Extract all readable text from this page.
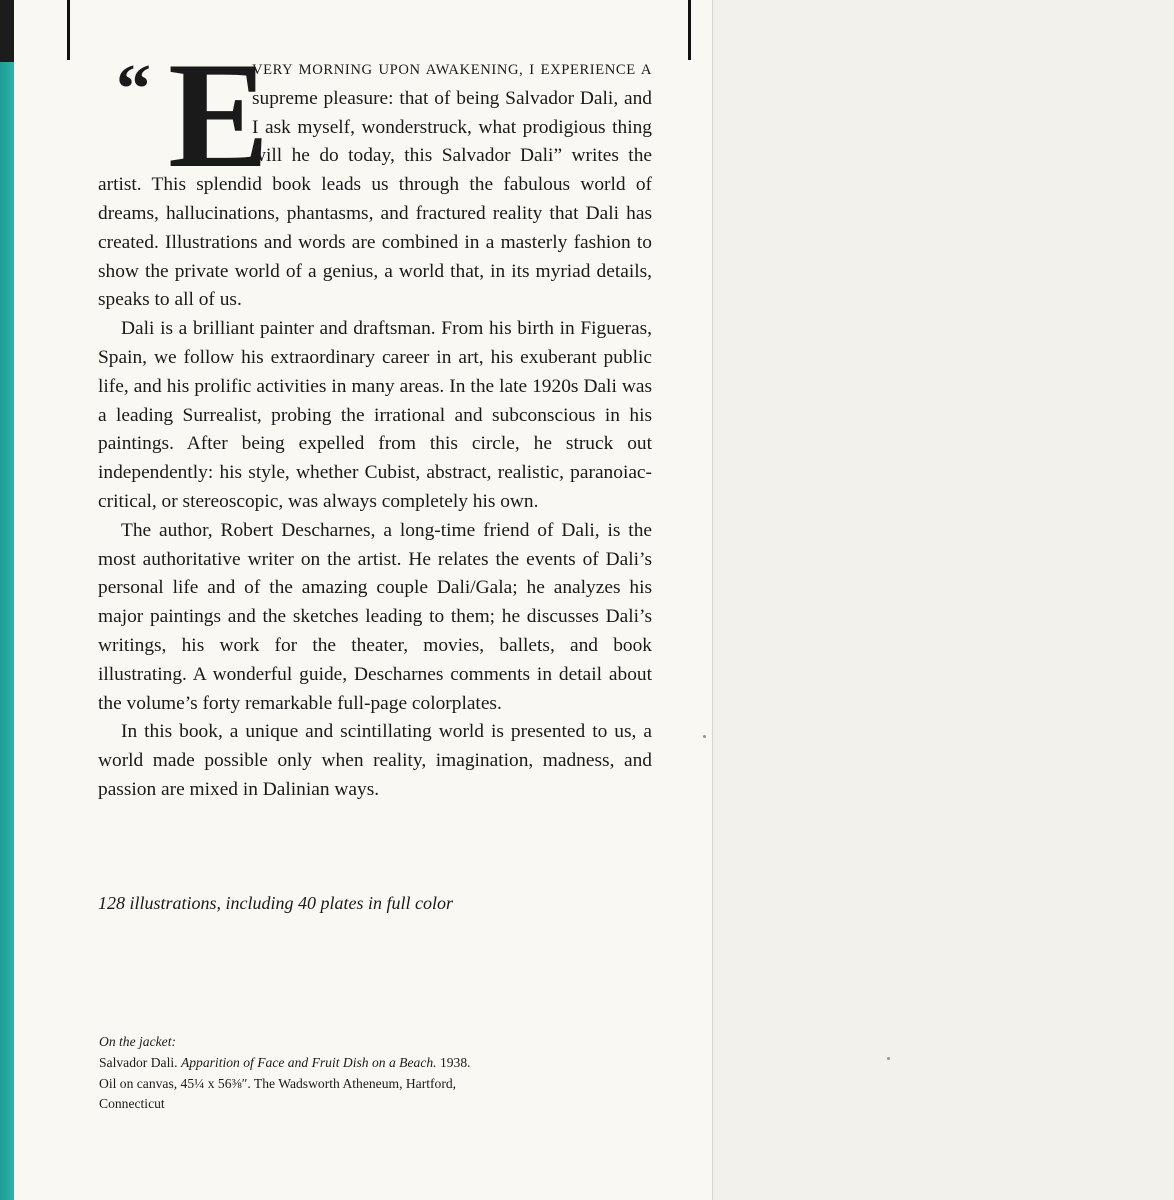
“ E
VERY MORNING UPON AWAKENING, I EXPERIENCE A supreme pleasure: that of being Salvador Dali, and I ask myself, wonderstruck, what prodigious thing will he do today, this Salvador Dali” writes the artist. This splendid book leads us through the fabulous world of dreams, hallucinations, phantasms, and fractured reality that Dali has created. Illustrations and words are combined in a masterly fashion to show the private world of a genius, a world that, in its myriad details, speaks to all of us.

Dali is a brilliant painter and draftsman. From his birth in Figueras, Spain, we follow his extraordinary career in art, his exuberant public life, and his prolific activities in many areas. In the late 1920s Dali was a leading Surrealist, probing the irrational and subconscious in his paintings. After being expelled from this circle, he struck out independently: his style, whether Cubist, abstract, realistic, paranoiac-critical, or stereoscopic, was always completely his own.

The author, Robert Descharnes, a long-time friend of Dali, is the most authoritative writer on the artist. He relates the events of Dali’s personal life and of the amazing couple Dali/Gala; he analyzes his major paintings and the sketches leading to them; he discusses Dali’s writings, his work for the theater, movies, ballets, and book illustrating. A wonderful guide, Descharnes comments in detail about the volume’s forty remarkable full-page colorplates.

In this book, a unique and scintillating world is presented to us, a world made possible only when reality, imagination, madness, and passion are mixed in Dalinian ways.

128 illustrations, including 40 plates in full color

On the jacket:
Salvador Dali. Apparition of Face and Fruit Dish on a Beach. 1938.
Oil on canvas, 45¼ x 56⅜″. The Wadsworth Atheneum, Hartford,
Connecticut
